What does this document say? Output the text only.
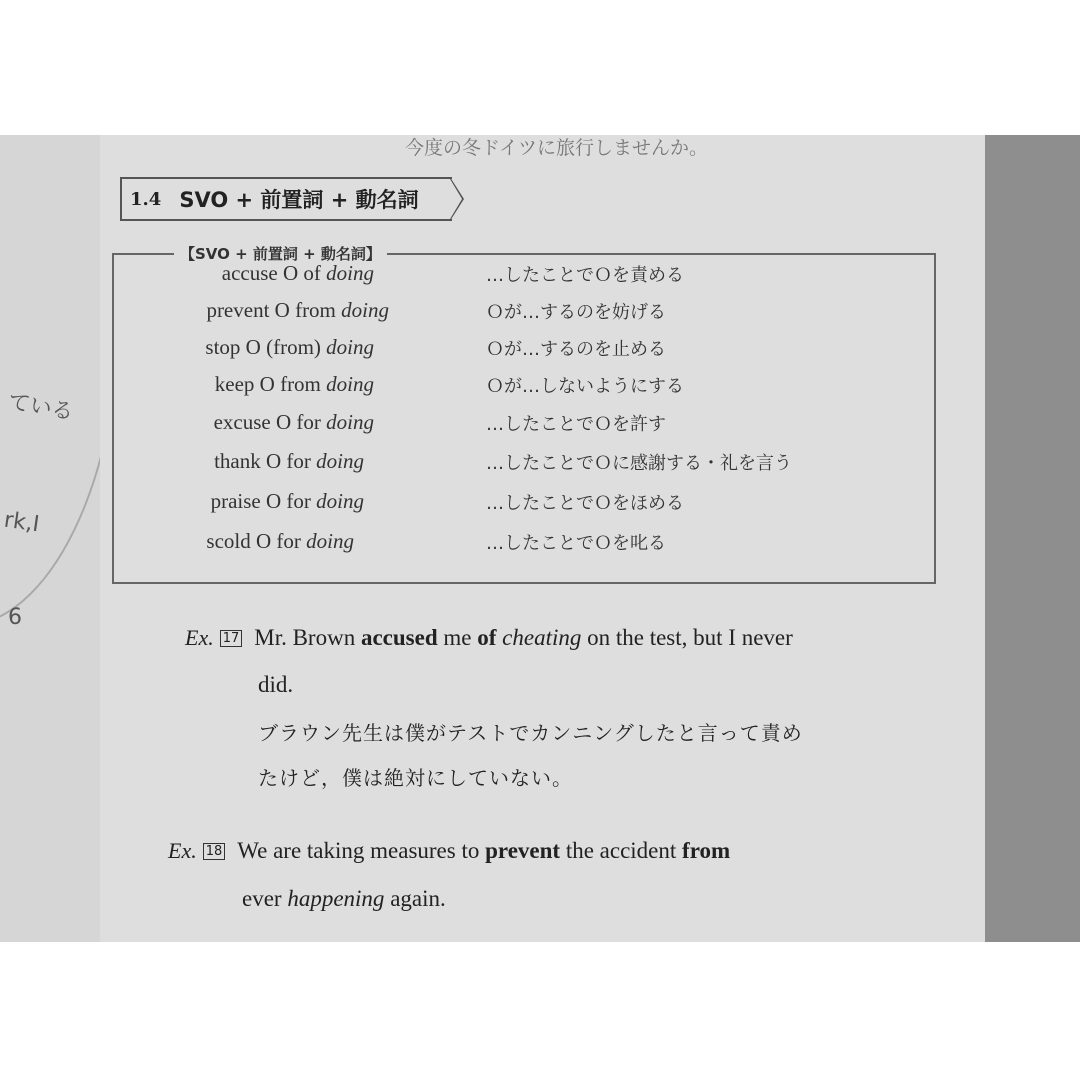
ている
rk,I
6
今度の冬ドイツに旅行しませんか。
1.4 SVO + 前置詞 + 動名詞
【SVO + 前置詞 + 動名詞】
accuse O of doing	…したことでＯを責める
prevent O from doing	Ｏが…するのを妨げる
stop O (from) doing	Ｏが…するのを止める
keep O from doing	Ｏが…しないようにする
excuse O for doing	…したことでＯを許す
thank O for doing	…したことでＯに感謝する・礼を言う
praise O for doing	…したことでＯをほめる
scold O for doing	…したことでＯを叱る
Ex. 17 Mr. Brown accused me of cheating on the test, but I never
did.
ブラウン先生は僕がテストでカンニングしたと言って責め
たけど，僕は絶対にしていない。
Ex. 18 We are taking measures to prevent the accident from
ever happening again.
